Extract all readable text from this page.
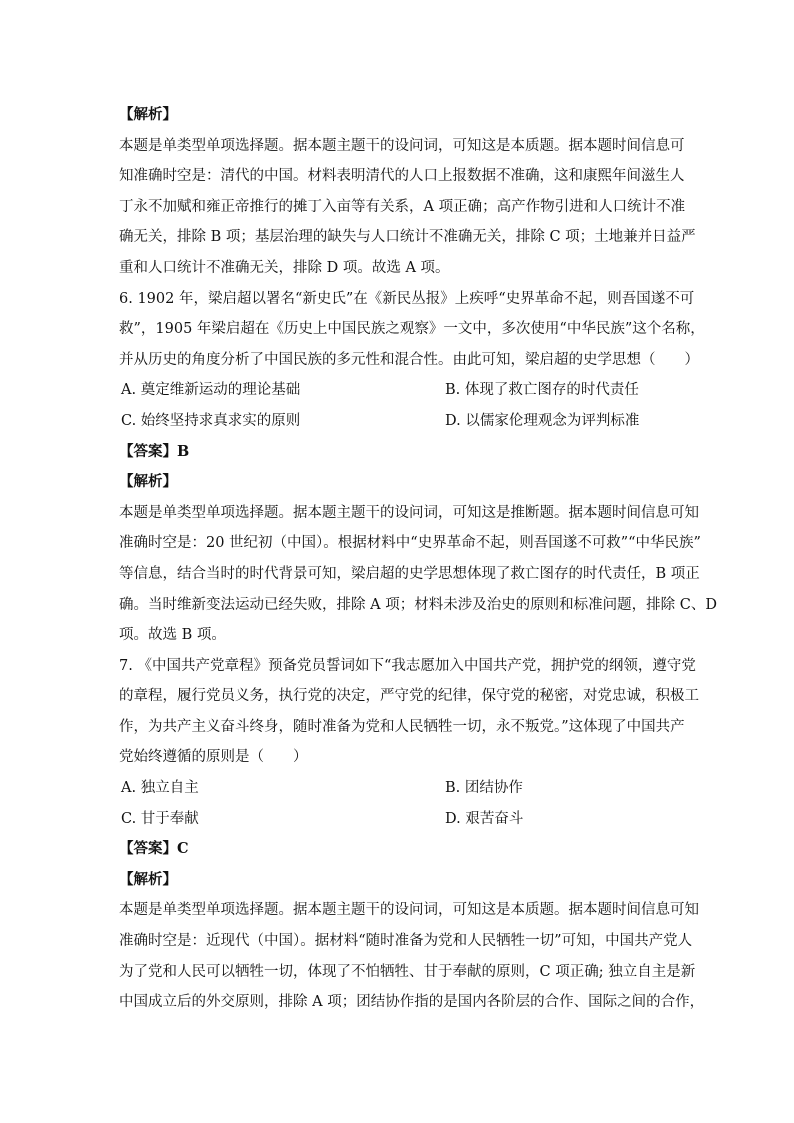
【解析】
本题是单类型单项选择题。据本题主题干的设问词，可知这是本质题。据本题时间信息可
知准确时空是：清代的中国。材料表明清代的人口上报数据不准确，这和康熙年间滋生人
丁永不加赋和雍正帝推行的摊丁入亩等有关系，A 项正确；高产作物引进和人口统计不准
确无关，排除 B 项；基层治理的缺失与人口统计不准确无关，排除 C 项；土地兼并日益严
重和人口统计不准确无关，排除 D 项。故选 A 项。
6. 1902 年，梁启超以署名“新史氏”在《新民丛报》上疾呼“史界革命不起，则吾国遂不可
救”，1905 年梁启超在《历史上中国民族之观察》一文中，多次使用“中华民族”这个名称，
并从历史的角度分析了中国民族的多元性和混合性。由此可知，梁启超的史学思想（　　）
A. 奠定维新运动的理论基础	B. 体现了救亡图存的时代责任
C. 始终坚持求真求实的原则	D. 以儒家伦理观念为评判标准
【答案】B
【解析】
本题是单类型单项选择题。据本题主题干的设问词，可知这是推断题。据本题时间信息可知
准确时空是：20 世纪初（中国）。根据材料中“史界革命不起，则吾国遂不可救”“中华民族”
等信息，结合当时的时代背景可知，梁启超的史学思想体现了救亡图存的时代责任，B 项正
确。当时维新变法运动已经失败，排除 A 项；材料未涉及治史的原则和标准问题，排除 C、D
项。故选 B 项。
7. 《中国共产党章程》预备党员誓词如下“我志愿加入中国共产党，拥护党的纲领，遵守党
的章程，履行党员义务，执行党的决定，严守党的纪律，保守党的秘密，对党忠诚，积极工
作，为共产主义奋斗终身，随时准备为党和人民牺牲一切，永不叛党。”这体现了中国共产
党始终遵循的原则是（　　）
A. 独立自主	B. 团结协作
C. 甘于奉献	D. 艰苦奋斗
【答案】C
【解析】
本题是单类型单项选择题。据本题主题干的设问词，可知这是本质题。据本题时间信息可知
准确时空是：近现代（中国）。据材料“随时准备为党和人民牺牲一切”可知，中国共产党人
为了党和人民可以牺牲一切，体现了不怕牺牲、甘于奉献的原则，C 项正确; 独立自主是新
中国成立后的外交原则，排除 A 项；团结协作指的是国内各阶层的合作、国际之间的合作，
